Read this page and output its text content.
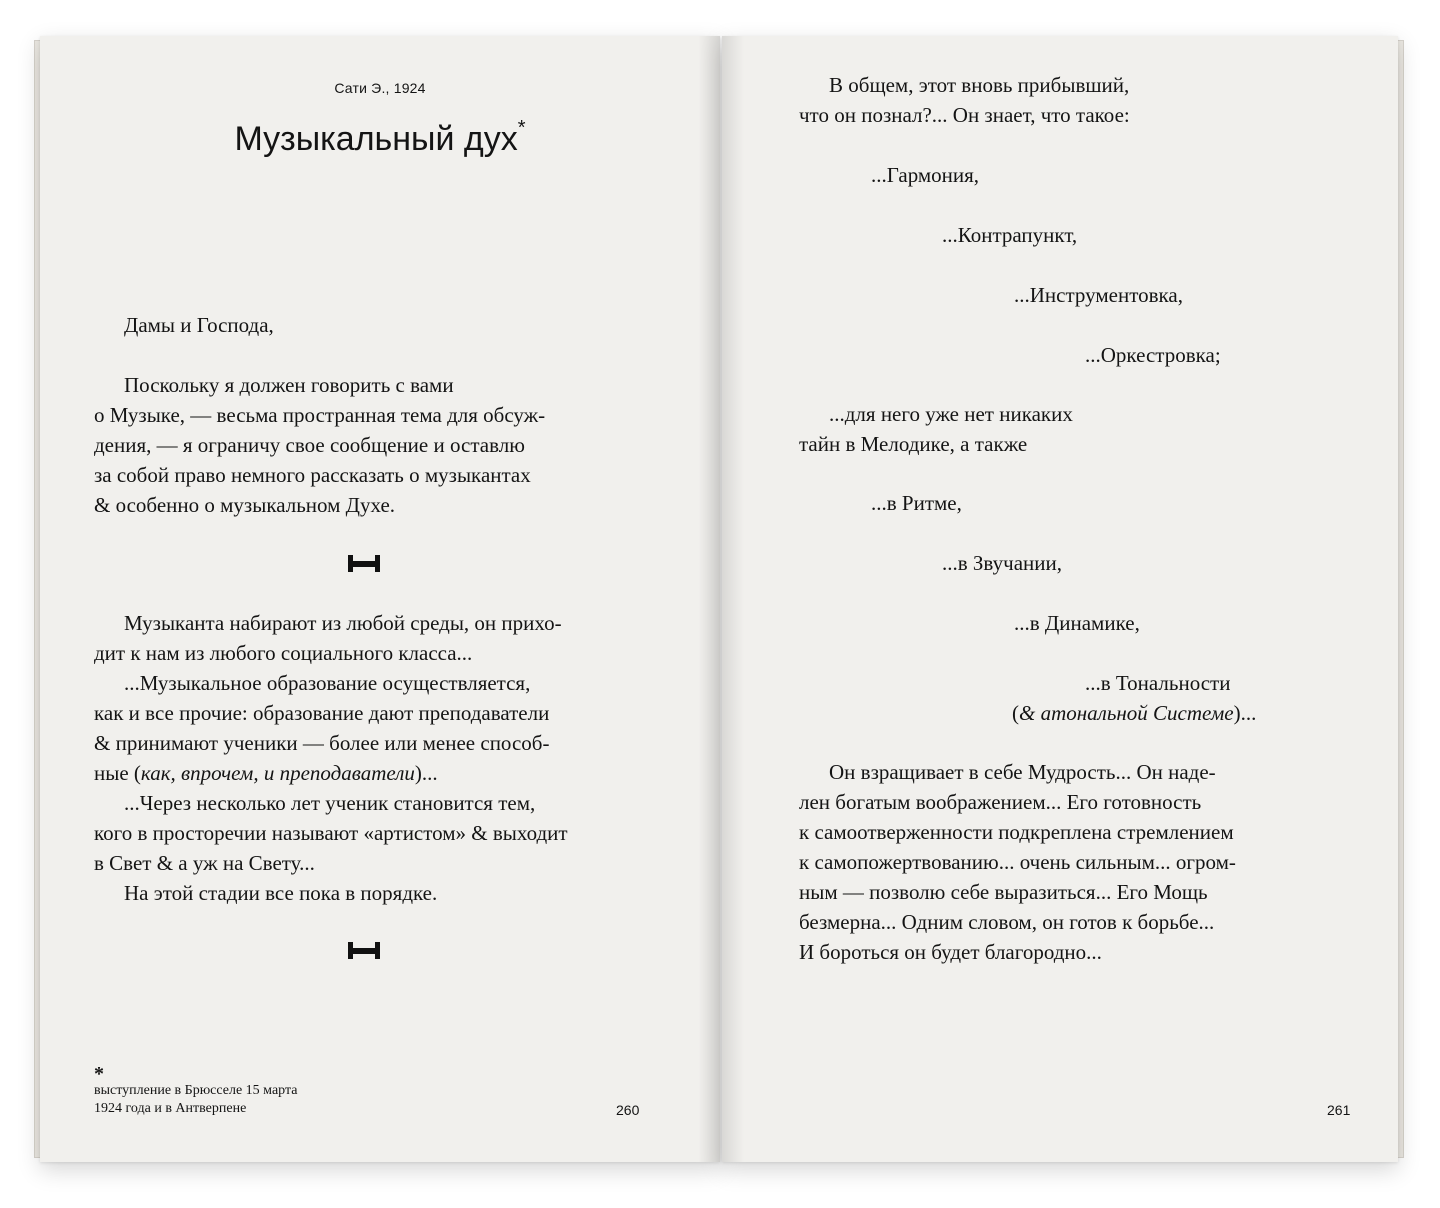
Сати Э., 1924
Музыкальный дух*
Дамы и Господа,
Поскольку я должен говорить с вами
о Музыке, — весьма пространная тема для обсуж-
дения, — я ограничу свое сообщение и оставлю
за собой право немного рассказать о музыкантах
& особенно о музыкальном Духе.
Музыканта набирают из любой среды, он прихо-
дит к нам из любого социального класса...
...Музыкальное образование осуществляется,
как и все прочие: образование дают преподаватели
& принимают ученики — более или менее способ-
ные (как, впрочем, и преподаватели)...
...Через несколько лет ученик становится тем,
кого в просторечии называют «артистом» & выходит
в Свет & а уж на Свету...
На этой стадии все пока в порядке.
*
выступление в Брюсселе 15 марта
1924 года и в Антверпене	260
В общем, этот вновь прибывший,
что он познал?... Он знает, что такое:
...Гармония,
...Контрапункт,
...Инструментовка,
...Оркестровка;
...для него уже нет никаких
тайн в Мелодике, а также
...в Ритме,
...в Звучании,
...в Динамике,
...в Тональности
(& атональной Системе)...
Он взращивает в себе Мудрость... Он наде-
лен богатым воображением... Его готовность
к самоотверженности подкреплена стремлением
к самопожертвованию... очень сильным... огром-
ным — позволю себе выразиться... Его Мощь
безмерна... Одним словом, он готов к борьбе...
И бороться он будет благородно...
261
